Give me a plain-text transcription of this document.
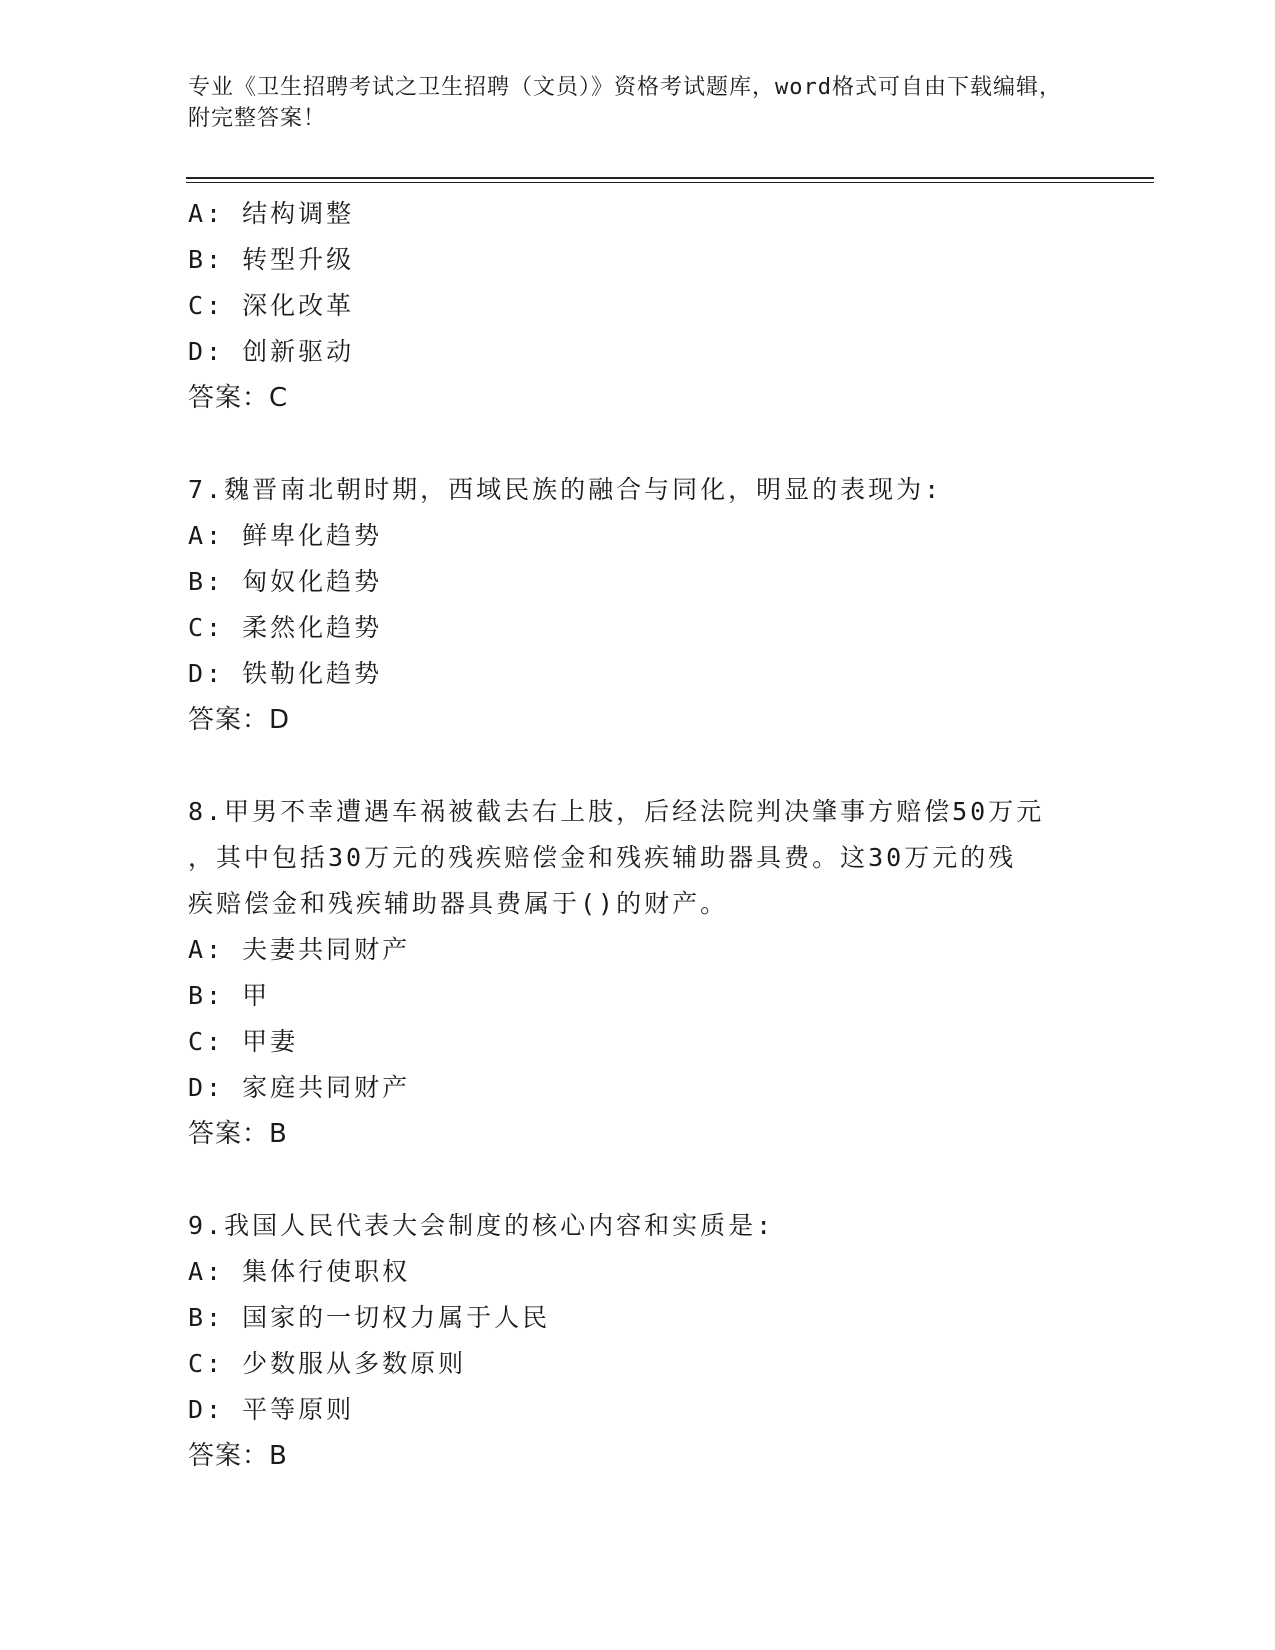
专业《卫生招聘考试之卫生招聘（文员）》资格考试题库，word格式可自由下载编辑，附完整答案！
A: 结构调整
B: 转型升级
C: 深化改革
D: 创新驱动
答案：C
7.魏晋南北朝时期，西域民族的融合与同化，明显的表现为:
A: 鲜卑化趋势
B: 匈奴化趋势
C: 柔然化趋势
D: 铁勒化趋势
答案：D
8.甲男不幸遭遇车祸被截去右上肢，后经法院判决肇事方赔偿50万元
，其中包括30万元的残疾赔偿金和残疾辅助器具费。这30万元的残
疾赔偿金和残疾辅助器具费属于()的财产。
A: 夫妻共同财产
B: 甲
C: 甲妻
D: 家庭共同财产
答案：B
9.我国人民代表大会制度的核心内容和实质是:
A: 集体行使职权
B: 国家的一切权力属于人民
C: 少数服从多数原则
D: 平等原则
答案：B
